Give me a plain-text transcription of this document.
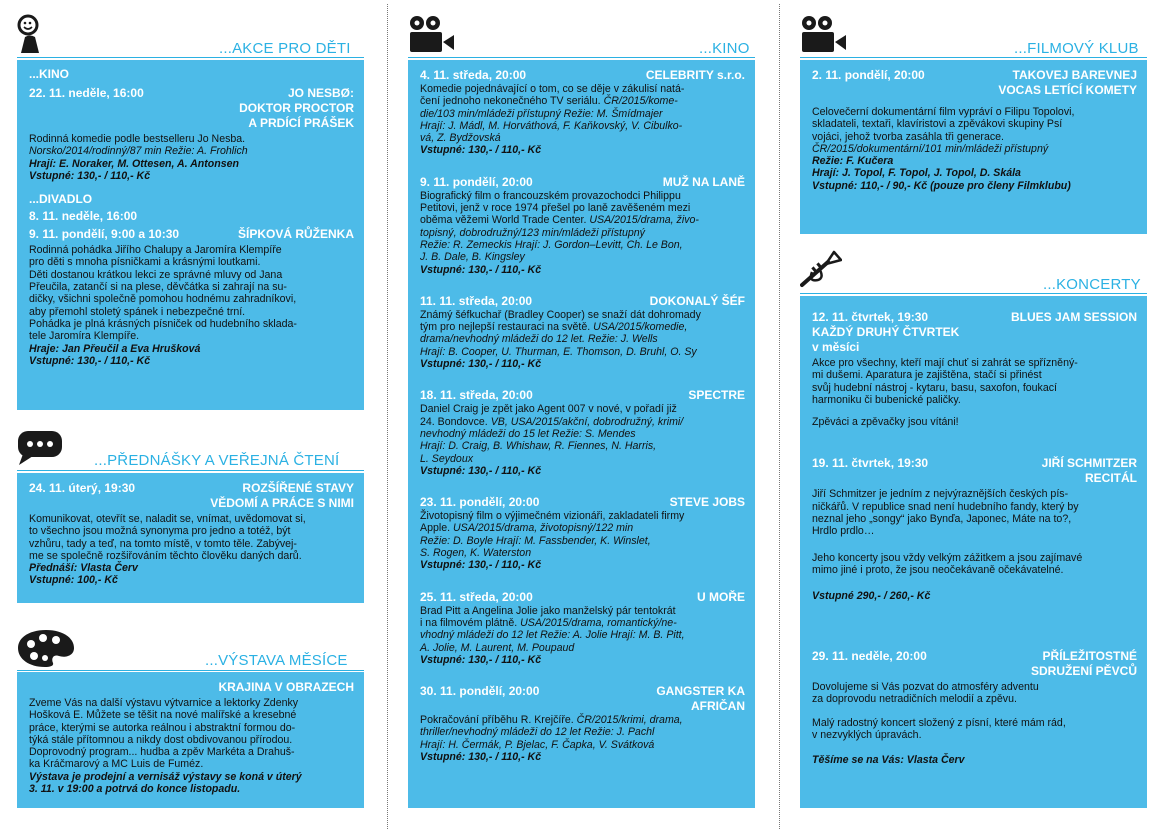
...AKCE PRO DĚTI
...KINO
22. 11. neděle, 16:00	JO NESBØ:
DOKTOR PROCTOR
A PRDÍCÍ PRÁŠEK
Rodinná komedie podle bestselleru Jo Nesba.
Norsko/2014/rodinný/87 min Režie: A. Frohlich
Hrají: E. Noraker, M. Ottesen, A. Antonsen
Vstupné: 130,- / 110,- Kč
...DIVADLO
8. 11. neděle, 16:00
9. 11. pondělí, 9:00 a 10:30	ŠÍPKOVÁ RŮŽENKA
Rodinná pohádka Jiřího Chalupy a Jaromíra Klempíře
pro děti s mnoha písničkami a krásnými loutkami.
Děti dostanou krátkou lekci ze správné mluvy od Jana
Přeučila, zatančí si na plese, děvčátka si zahrají na su-
dičky, všichni společně pomohou hodnému zahradníkovi,
aby přemohl stoletý spánek i nebezpečné trní.
Pohádka je plná krásných písniček od hudebního sklada-
tele Jaromíra Klempíře.
Hraje: Jan Přeučil a Eva Hrušková
Vstupné: 130,- / 110,- Kč
...PŘEDNÁŠKY A VEŘEJNÁ ČTENÍ
24. 11. úterý, 19:30	ROZŠÍŘENÉ STAVY
VĚDOMÍ A PRÁCE S NIMI
Komunikovat, otevřít se, naladit se, vnímat, uvědomovat si,
to všechno jsou možná synonyma pro jedno a totéž, být
vzhůru, tady a teď, na tomto místě, v tomto těle. Zabývej-
me se společně rozšiřováním těchto člověku daných darů.
Přednáší: Vlasta Červ
Vstupné: 100,- Kč
...VÝSTAVA MĚSÍCE
KRAJINA V OBRAZECH
Zveme Vás na další výstavu výtvarnice a lektorky Zdenky
Hošková E. Můžete se těšit na nové malířské a kresebné
práce, kterými se autorka reálnou i abstraktní formou do-
týká stále přítomnou a nikdy dost obdivovanou přírodou.
Doprovodný program... hudba a zpěv Markéta a Drahuš-
ka Kráčmarový a MC Luis de Fuméz.
Výstava je prodejní a vernisáž výstavy se koná v úterý
3. 11. v 19:00 a potrvá do konce listopadu.
...KINO
4. 11. středa, 20:00	CELEBRITY s.r.o.
Komedie pojednávající o tom, co se děje v zákulisí natá-
čení jednoho nekonečného TV seriálu. ČR/2015/kome-
die/103 min/mládeži přístupný Režie: M. Šmídmajer
Hrají: J. Mádl, M. Horváthová, F. Kaňkovský, V. Cibulko-
vá, Z. Bydžovská
Vstupné: 130,- / 110,- Kč
9. 11. pondělí, 20:00	MUŽ NA LANĚ
Biografický film o francouzském provazochodci Philippu
Petitovi, jenž v roce 1974 přešel po laně zavěšeném mezi
oběma věžemi World Trade Center. USA/2015/drama, živo-
topisný, dobrodružný/123 min/mládeži přístupný
Režie: R. Zemeckis Hrají: J. Gordon–Levitt, Ch. Le Bon,
J. B. Dale, B. Kingsley
Vstupné: 130,- / 110,- Kč
11. 11. středa, 20:00	DOKONALÝ ŠÉF
Známý šéfkuchař (Bradley Cooper) se snaží dát dohromady
tým pro nejlepší restauraci na světě. USA/2015/komedie,
drama/nevhodný mládeži do 12 let. Režie: J. Wells
Hrají: B. Cooper, U. Thurman, E. Thomson, D. Bruhl, O. Sy
Vstupné: 130,- / 110,- Kč
18. 11. středa, 20:00	SPECTRE
Daniel Craig je zpět jako Agent 007 v nové, v pořadí již
24. Bondovce. VB, USA/2015/akční, dobrodružný, krimi/
nevhodný mládeži do 15 let Režie: S. Mendes
Hrají: D. Craig, B. Whishaw, R. Fiennes, N. Harris,
L. Seydoux
Vstupné: 130,- / 110,- Kč
23. 11. pondělí, 20:00	STEVE JOBS
Životopisný film o výjimečném vizionáři, zakladateli firmy
Apple. USA/2015/drama, životopisný/122 min
Režie: D. Boyle Hrají: M. Fassbender, K. Winslet,
S. Rogen, K. Waterston
Vstupné: 130,- / 110,- Kč
25. 11. středa, 20:00	U MOŘE
Brad Pitt a Angelina Jolie jako manželský pár tentokrát
i na filmovém plátně. USA/2015/drama, romantický/ne-
vhodný mládeži do 12 let Režie: A. Jolie Hrají: M. B. Pitt,
A. Jolie, M. Laurent, M. Poupaud
Vstupné: 130,- / 110,- Kč
30. 11. pondělí, 20:00	GANGSTER KA
AFRIČAN
Pokračování příběhu R. Krejčíře. ČR/2015/krimi, drama,
thriller/nevhodný mládeži do 12 let Režie: J. Pachl
Hrají: H. Čermák, P. Bjelac, F. Čapka, V. Svátková
Vstupné: 130,- / 110,- Kč
...FILMOVÝ KLUB
2. 11. pondělí, 20:00	TAKOVEJ BAREVNEJ
VOCAS LETÍCÍ KOMETY
Celovečerní dokumentární film vypráví o Filipu Topolovi,
skladateli, textaři, klavíristovi a zpěvákovi skupiny Psí
vojáci, jehož tvorba zasáhla tři generace.
ČR/2015/dokumentární/101 min/mládeži přístupný
Režie: F. Kučera
Hrají: J. Topol, F. Topol, J. Topol, D. Skála
Vstupné: 110,- / 90,- Kč (pouze pro členy Filmklubu)
...KONCERTY
12. 11. čtvrtek, 19:30	BLUES JAM SESSION
KAŽDÝ DRUHÝ ČTVRTEK
v měsíci
Akce pro všechny, kteří mají chuť si zahrát se spřízněný-
mi dušemi. Aparatura je zajištěna, stačí si přinést
svůj hudební nástroj - kytaru, basu, saxofon, foukací
harmoniku či bubenické paličky.
Zpěváci a zpěvačky jsou vítáni!
19. 11. čtvrtek, 19:30	JIŘÍ SCHMITZER
RECITÁL
Jiří Schmitzer je jedním z nejvýraznějších českých pís-
ničkářů. V republice snad není hudebního fandy, který by
neznal jeho „songy“ jako Bynďa, Japonec, Máte na to?,
Hrdlo prdlo…
Jeho koncerty jsou vždy velkým zážitkem a jsou zajímavé
mimo jiné i proto, že jsou neočekávaně očekávatelné.
Vstupné 290,- / 260,- Kč
29. 11. neděle, 20:00	PŘÍLEŽITOSTNÉ
SDRUŽENÍ PĚVCŮ
Dovolujeme si Vás pozvat do atmosféry adventu
za doprovodu netradičních melodií a zpěvu.
Malý radostný koncert složený z písní, které mám rád,
v nezvyklých úpravách.
Těšíme se na Vás: Vlasta Červ
